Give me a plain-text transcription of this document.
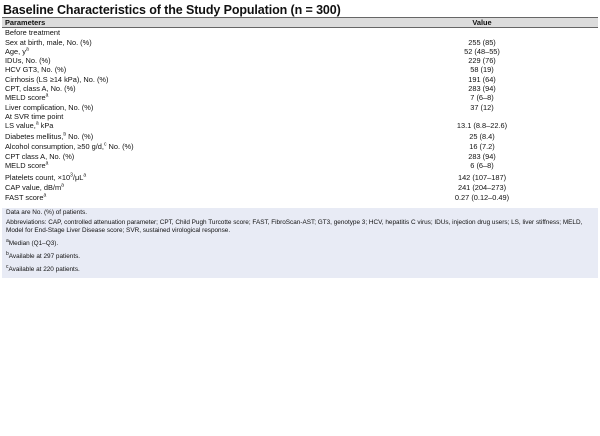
Baseline Characteristics of the Study Population (n = 300)
Parameters	Value
Before treatment	
Sex at birth, male, No. (%)	255 (85)
Age, $y^a$	52 (48–55)
IDUs, No. (%)	229 (76)
HCV GT3, No. (%)	58 (19)
Cirrhosis (LS ≥14 kPa), No. (%)	191 (64)
CPT, class A, No. (%)	283 (94)
MELD score$^a$	7 (6–8)
Liver complication, No. (%)	37 (12)
At SVR time point	
LS value,$^a$ kPa	13.1 (8.8–22.6)
Diabetes mellitus,$^b$ No. (%)	25 (8.4)
Alcohol consumption, ≥50 g/d,$^c$ No. (%)	16 (7.2)
CPT class A, No. (%)	283 (94)
MELD score$^a$	6 (6–8)
Platelets count, $\times 10^3/\mu L^a$	142 (107–187)
CAP value, $dB/m^a$	241 (204–273)
FAST score$^a$	0.27 (0.12–0.49)
Data are No. (%) of patients.
Abbreviations: CAP, controlled attenuation parameter; CPT, Child Pugh Turcotte score; FAST, FibroScan-AST; GT3, genotype 3; HCV, hepatitis C virus; IDUs, injection drug users; LS, liver stiffness; MELD, Model for End-Stage Liver Disease score; SVR, sustained virological response.
$^a$Median (Q1–Q3).
$^b$Available at 297 patients.
$^c$Available at 220 patients.
